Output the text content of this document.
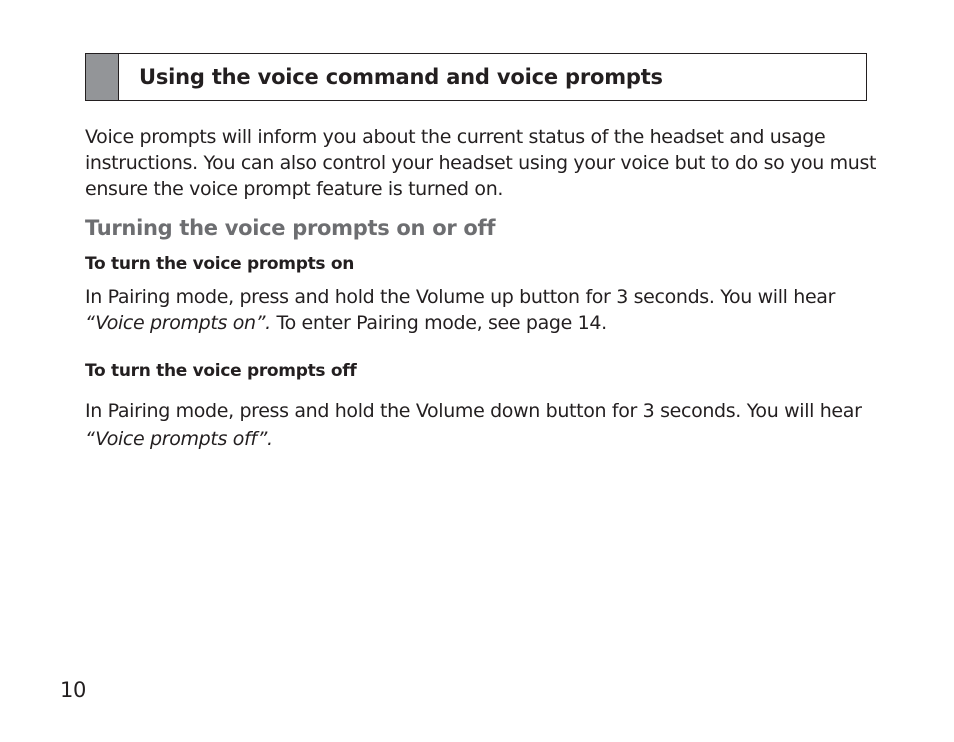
Using the voice command and voice prompts

Voice prompts will inform you about the current status of the headset and usage instructions. You can also control your headset using your voice but to do so you must ensure the voice prompt feature is turned on.

Turning the voice prompts on or off
To turn the voice prompts on

In Pairing mode, press and hold the Volume up button for 3 seconds. You will hear “Voice prompts on”. To enter Pairing mode, see page 14.

To turn the voice prompts off

In Pairing mode, press and hold the Volume down button for 3 seconds. You will hear
“Voice prompts off”.

10
